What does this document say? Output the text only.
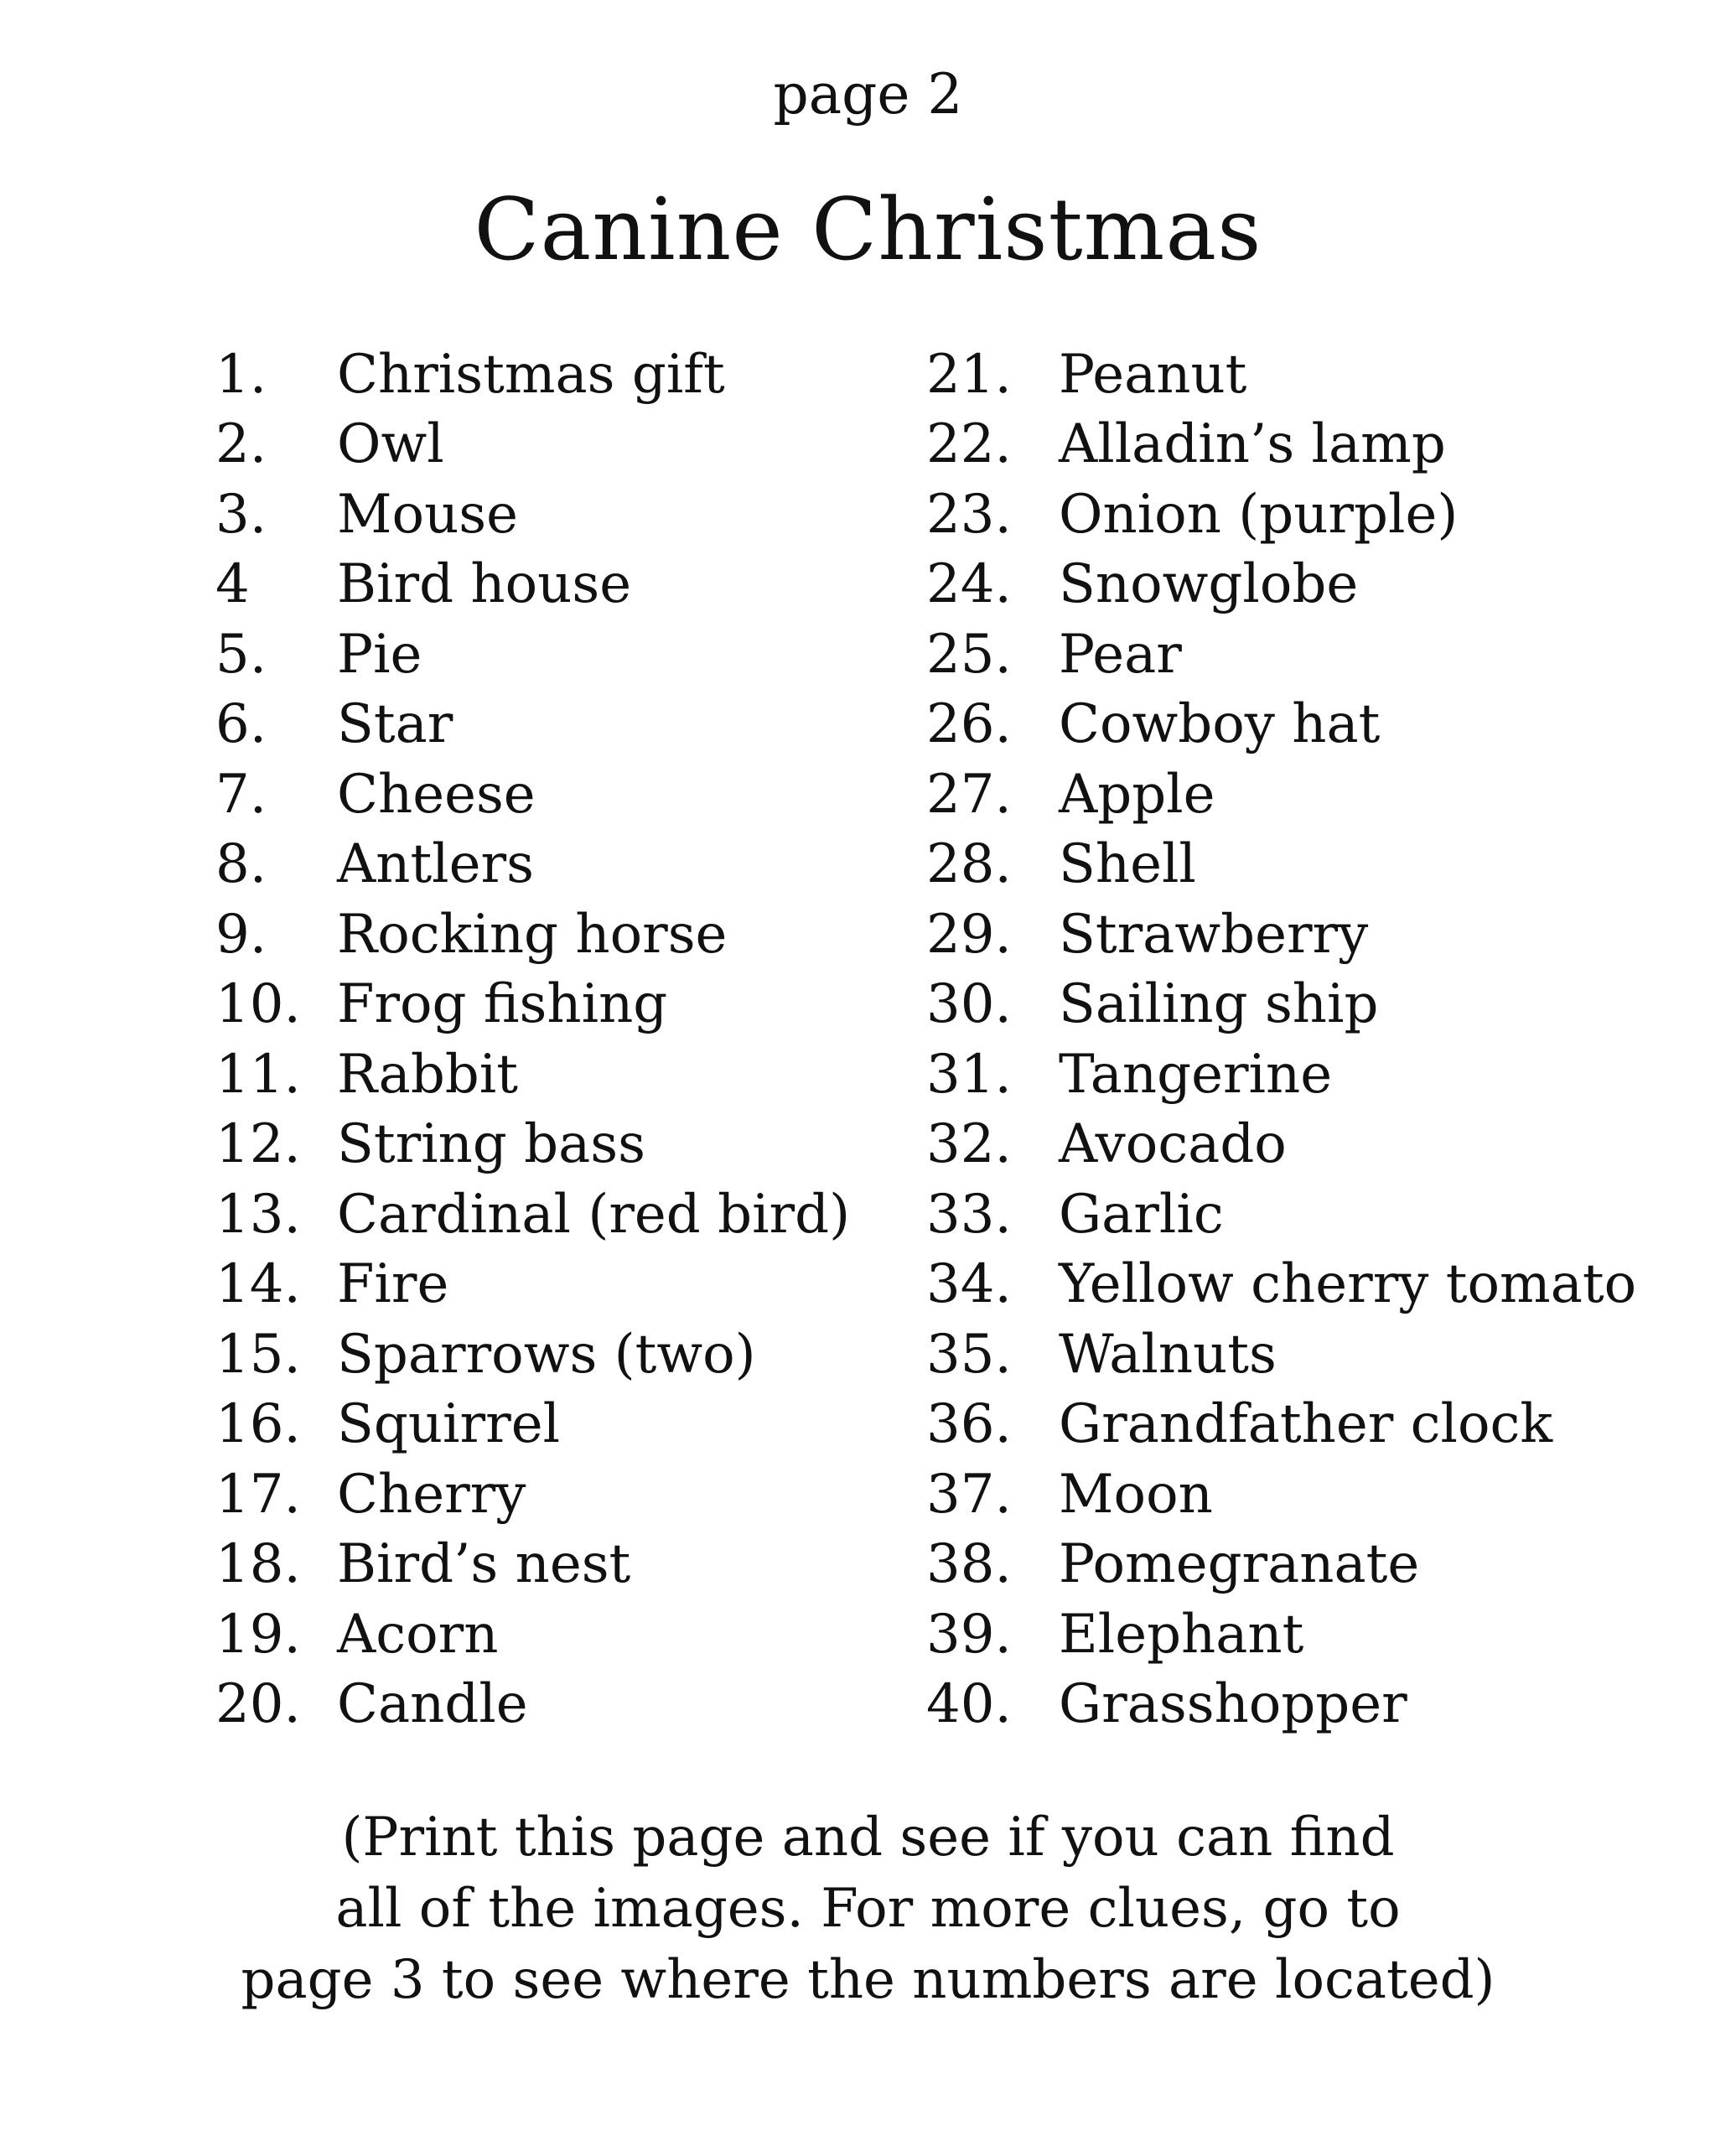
page 2
Canine Christmas
1.	Christmas gift
2.	Owl
3.	Mouse
4	Bird house
5.	Pie
6.	Star
7.	Cheese
8.	Antlers
9.	Rocking horse
10. Frog fishing
11. Rabbit
12. String bass
13. Cardinal (red bird)
14. Fire
15. Sparrows (two)
16. Squirrel
17. Cherry
18. Bird’s nest
19. Acorn
20. Candle
21. Peanut
22. Alladin’s lamp
23. Onion (purple)
24. Snowglobe
25. Pear
26. Cowboy hat
27. Apple
28. Shell
29. Strawberry
30. Sailing ship
31. Tangerine
32. Avocado
33. Garlic
34. Yellow cherry tomato
35. Walnuts
36. Grandfather clock
37. Moon
38. Pomegranate
39. Elephant
40. Grasshopper
(Print this page and see if you can find
all of the images. For more clues, go to
page 3 to see where the numbers are located)
